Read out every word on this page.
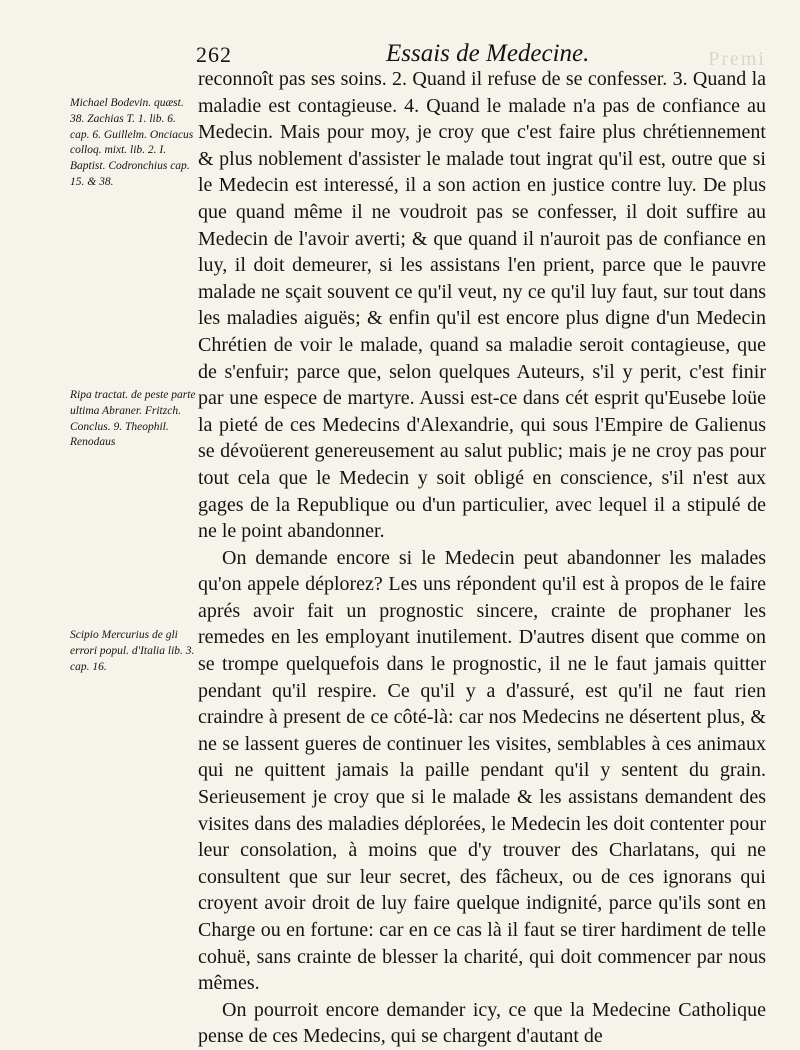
262	Essais de Medecine.	Premi
Michael Bodevin. quæst. 38. Zachias T. 1. lib. 6. cap. 6. Guillelm. Onciacus colloq. mixt. lib. 2. I. Baptist. Codronchius cap. 15. & 38.
Ripa tractat. de peste parte ultima Abraner. Fritzch. Conclus. 9. Theophil. Renodaus
Scipio Mercurius de gli errori popul. d'Italia lib. 3. cap. 16.

reconnoît pas ses soins. 2. Quand il refuse de se confesser. 3. Quand la maladie est contagieuse. 4. Quand le malade n'a pas de confiance au Medecin. Mais pour moy, je croy que c'est faire plus chrétiennement & plus noblement d'assister le malade tout ingrat qu'il est, outre que si le Medecin est interessé, il a son action en justice contre luy. De plus que quand même il ne voudroit pas se confesser, il doit suffire au Medecin de l'avoir averti; & que quand il n'auroit pas de confiance en luy, il doit demeurer, si les assistans l'en prient, parce que le pauvre malade ne sçait souvent ce qu'il veut, ny ce qu'il luy faut, sur tout dans les maladies aiguës; & enfin qu'il est encore plus digne d'un Medecin Chrétien de voir le malade, quand sa maladie seroit contagieuse, que de s'enfuir; parce que, selon quelques Auteurs, s'il y perit, c'est finir par une espece de martyre. Aussi est-ce dans cét esprit qu'Eusebe loüe la pieté de ces Medecins d'Alexandrie, qui sous l'Empire de Galienus se dévoüerent genereusement au salut public; mais je ne croy pas pour tout cela que le Medecin y soit obligé en conscience, s'il n'est aux gages de la Republique ou d'un particulier, avec lequel il a stipulé de ne le point abandonner.

On demande encore si le Medecin peut abandonner les malades qu'on appele déplorez? Les uns répondent qu'il est à propos de le faire aprés avoir fait un prognostic sincere, crainte de prophaner les remedes en les employant inutilement. D'autres disent que comme on se trompe quelquefois dans le prognostic, il ne le faut jamais quitter pendant qu'il respire. Ce qu'il y a d'assuré, est qu'il ne faut rien craindre à present de ce côté-là: car nos Medecins ne désertent plus, & ne se lassent gueres de continuer les visites, semblables à ces animaux qui ne quittent jamais la paille pendant qu'il y sentent du grain. Serieusement je croy que si le malade & les assistans demandent des visites dans des maladies déplorées, le Medecin les doit contenter pour leur consolation, à moins que d'y trouver des Charlatans, qui ne consultent que sur leur secret, des fâcheux, ou de ces ignorans qui croyent avoir droit de luy faire quelque indignité, parce qu'ils sont en Charge ou en fortune: car en ce cas là il faut se tirer hardiment de telle cohuë, sans crainte de blesser la charité, qui doit commencer par nous mêmes.

On pourroit encore demander icy, ce que la Medecine Catholique pense de ces Medecins, qui se chargent d'autant de
